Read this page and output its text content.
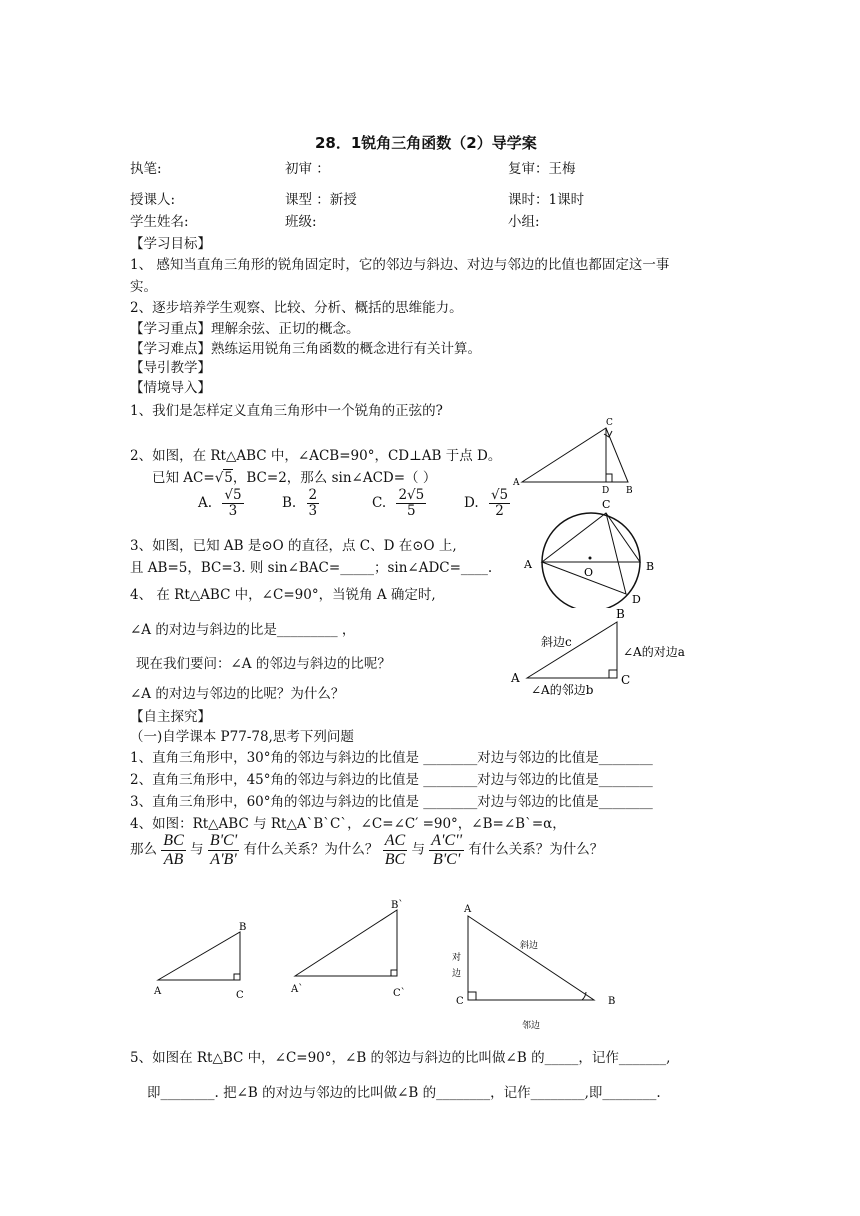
28．1锐角三角函数（2）导学案
执笔:	初审 ：	复审：王梅
授课人:	课型 ：新授	课时：1课时
学生姓名:	班级:	小组:
【学习目标】
1、 感知当直角三角形的锐角固定时，它的邻边与斜边、对边与邻边的比值也都固定这一事
实。
2、逐步培养学生观察、比较、分析、概括的思维能力。
【学习重点】理解余弦、正切的概念。
【学习难点】熟练运用锐角三角函数的概念进行有关计算。
【导引教学】
【情境导入】
1、我们是怎样定义直角三角形中一个锐角的正弦的?
2、如图，在 Rt△ABC 中，∠ACB=90°，CD⊥AB 于点 D。
已知 AC=√5，BC=2，那么 sin∠ACD=（ ）
A. $\frac{√5}{3}$	B. $\frac{2}{3}$	C. $\frac{2√5}{5}$	D. $\frac{√5}{2}$
3、如图，已知 AB 是⊙O 的直径，点 C、D 在⊙O 上,
且 AB=5，BC=3. 则 sin∠BAC=_____；sin∠ADC=____.
4、 在 Rt△ABC 中，∠C=90°，当锐角 A 确定时,
∠A 的对边与斜边的比是_________ ，
现在我们要问：∠A 的邻边与斜边的比呢？
∠A 的对边与邻边的比呢？为什么？
【自主探究】
（一)自学课本 P77-78,思考下列问题
1、直角三角形中，30°角的邻边与斜边的比值是 ________对边与邻边的比值是________
2、直角三角形中，45°角的邻边与斜边的比值是 ________对边与邻边的比值是________
3、直角三角形中，60°角的邻边与斜边的比值是 ________对边与邻边的比值是________
4、如图：Rt△ABC 与 Rt△A`B`C`，∠C=∠C′ =90°，∠B=∠B`=α，
那么 $\frac{BC}{AB}$ 与 $\frac{B'C'}{A'B'}$ 有什么关系？为什么？ $\frac{AC}{BC}$ 与 $\frac{A'C''}{B'C'}$ 有什么关系？为什么？
5、如图在 Rt△BC 中，∠C=90°，∠B 的邻边与斜边的比叫做∠B 的_____，记作_______,
即________. 把∠B 的对边与邻边的比叫做∠B 的________，记作________,即________.
A
C
D B
C
A	B
O
D
B
A	C
斜边c
∠A的对边a
∠A的邻边b
B
A	C
B`
A`	C`
A
C	B
斜边
对
边
邻边
